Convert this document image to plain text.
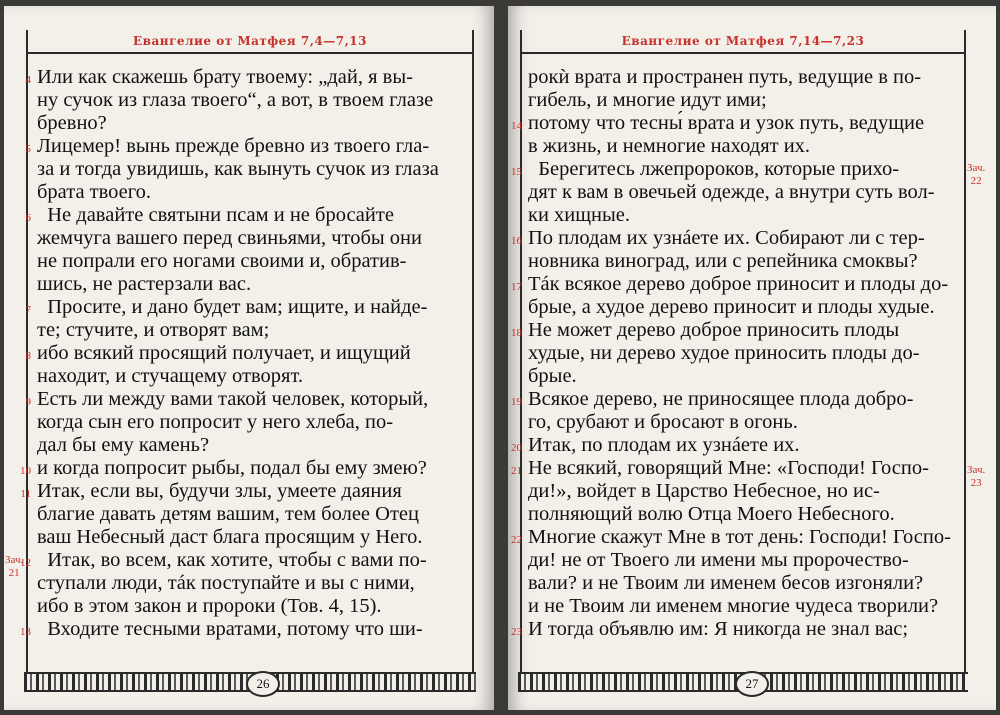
Евангелие от Матфея 7,4—7,13
4 Или как скажешь брату твоему: „дай, я вы-
ну сучок из глаза твоего“, а вот, в твоем глазе
бревно?
5 Лицемер! вынь прежде бревно из твоего гла-
за и тогда увидишь, как вынуть сучок из глаза
брата твоего.
6 Не давайте святыни псам и не бросайте
жемчуга вашего перед свиньями, чтобы они
не попрали его ногами своими и, обратив-
шись, не растерзали вас.
7 Просите, и дано будет вам; ищите, и найде-
те; стучите, и отворят вам;
8 ибо всякий просящий получает, и ищущий
находит, и стучащему отворят.
9 Есть ли между вами такой человек, который,
когда сын его попросит у него хлеба, по-
дал бы ему камень?
10 и когда попросит рыбы, подал бы ему змею?
11 Итак, если вы, будучи злы, умеете даяния
благие давать детям вашим, тем более Отец
ваш Небесный даст блага просящим у Него.
12 Итак, во всем, как хотите, чтобы с вами по-
ступали люди, тáк поступайте и вы с ними,
ибо в этом закон и пророки (Тов. 4, 15).
13 Входите тесными вратами, потому что ши-
Зач.
21
26
Евангелие от Матфея 7,14—7,23
рокѝ врата и пространен путь, ведущие в по-
гибель, и многие идут ими;
14 потому что тесны́ врата и узок путь, ведущие
в жизнь, и немногие находят их.
15 Берегитесь лжепророков, которые прихо-
дят к вам в овечьей одежде, а внутри суть вол-
ки хищные.
16 По плодам их узнáете их. Собирают ли с тер-
новника виноград, или с репейника смоквы?
17 Тáк всякое дерево доброе приносит и плоды до-
брые, а худое дерево приносит и плоды худые.
18 Не может дерево доброе приносить плоды
худые, ни дерево худое приносить плоды до-
брые.
19 Всякое дерево, не приносящее плода добро-
го, срубают и бросают в огонь.
20 Итак, по плодам их узнáете их.
21 Не всякий, говорящий Мне: «Господи! Госпо-
ди!», войдет в Царство Небесное, но ис-
полняющий волю Отца Моего Небесного.
22 Многие скажут Мне в тот день: Господи! Госпо-
ди! не от Твоего ли имени мы пророчество-
вали? и не Твоим ли именем бесов изгоняли?
и не Твоим ли именем многие чудеса творили?
23 И тогда объявлю им: Я никогда не знал вас;
Зач.
22
Зач.
23
27
